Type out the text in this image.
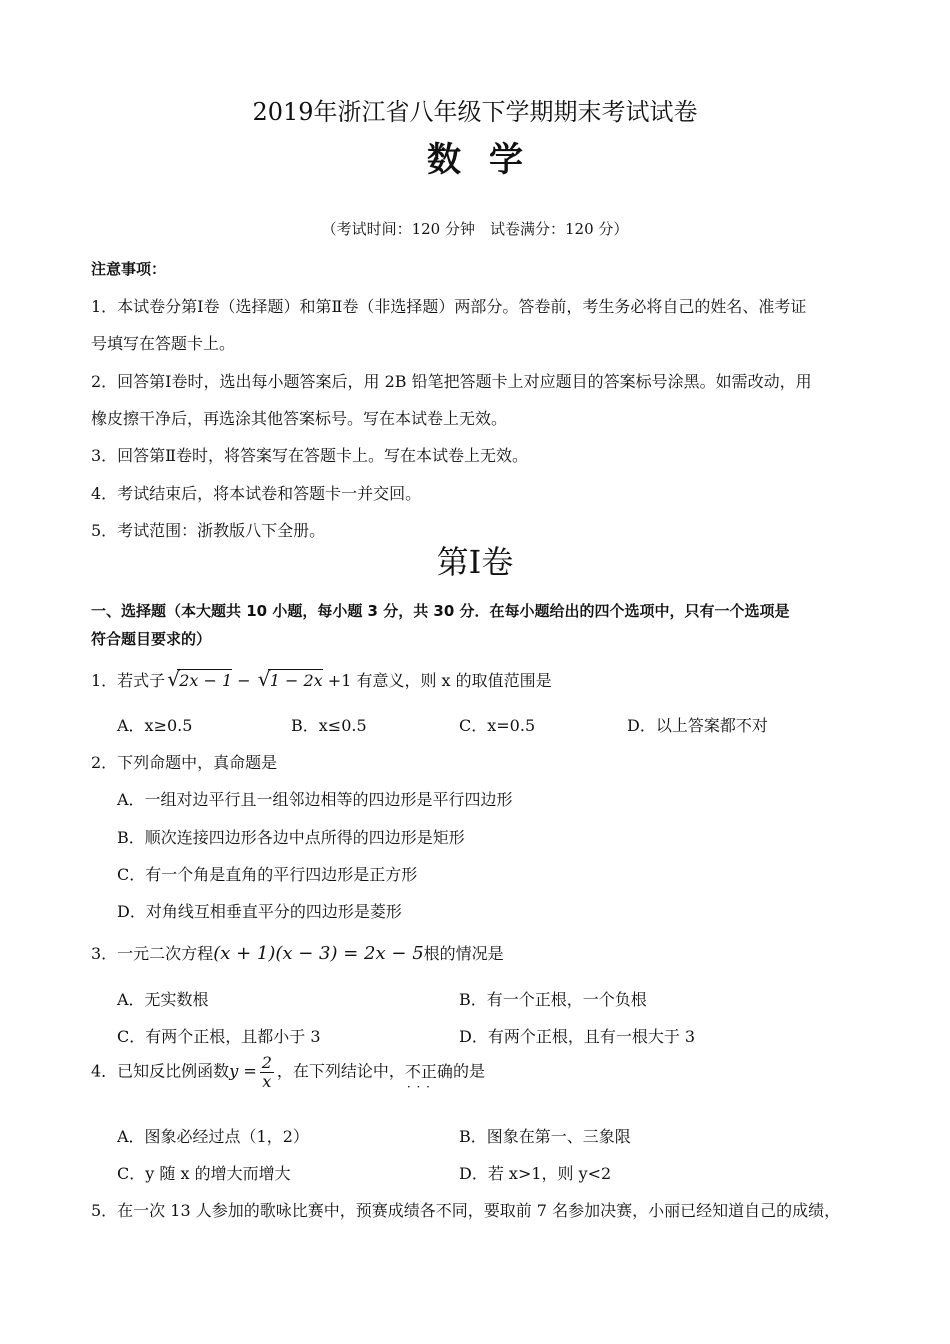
2019年浙江省八年级下学期期末考试试卷
数学
（考试时间：120 分钟　试卷满分：120 分）
注意事项：
1．本试卷分第Ⅰ卷（选择题）和第Ⅱ卷（非选择题）两部分。答卷前，考生务必将自己的姓名、准考证
号填写在答题卡上。
2．回答第Ⅰ卷时，选出每小题答案后，用 2B 铅笔把答题卡上对应题目的答案标号涂黑。如需改动，用
橡皮擦干净后，再选涂其他答案标号。写在本试卷上无效。
3．回答第Ⅱ卷时，将答案写在答题卡上。写在本试卷上无效。
4．考试结束后，将本试卷和答题卡一并交回。
5．考试范围：浙教版八下全册。
第Ⅰ卷
一、选择题（本大题共 10 小题，每小题 3 分，共 30 分．在每小题给出的四个选项中，只有一个选项是
符合题目要求的）
1．若式子 √ 2x − 1 − √ 1 − 2x +1 有意义，则 x 的取值范围是
A．x≥0.5	B．x≤0.5	C．x=0.5	D．以上答案都不对
2．下列命题中，真命题是
A．一组对边平行且一组邻边相等的四边形是平行四边形
B．顺次连接四边形各边中点所得的四边形是矩形
C．有一个角是直角的平行四边形是正方形
D．对角线互相垂直平分的四边形是菱形
3．一元二次方程(x + 1)(x − 3) = 2x − 5根的情况是
A．无实数根	B．有一个正根，一个负根
C．有两个正根，且都小于 3	D．有两个正根，且有一根大于 3
4．已知反比例函数$y = \frac{2}{x}$ ，在下列结论中，不正确 · · ·的是
A．图象必经过点（1，2）	B．图象在第一、三象限
C．y 随 x 的增大而增大	D．若 x>1，则 y<2
5．在一次 13 人参加的歌咏比赛中，预赛成绩各不同，要取前 7 名参加决赛，小丽已经知道自己的成绩，
